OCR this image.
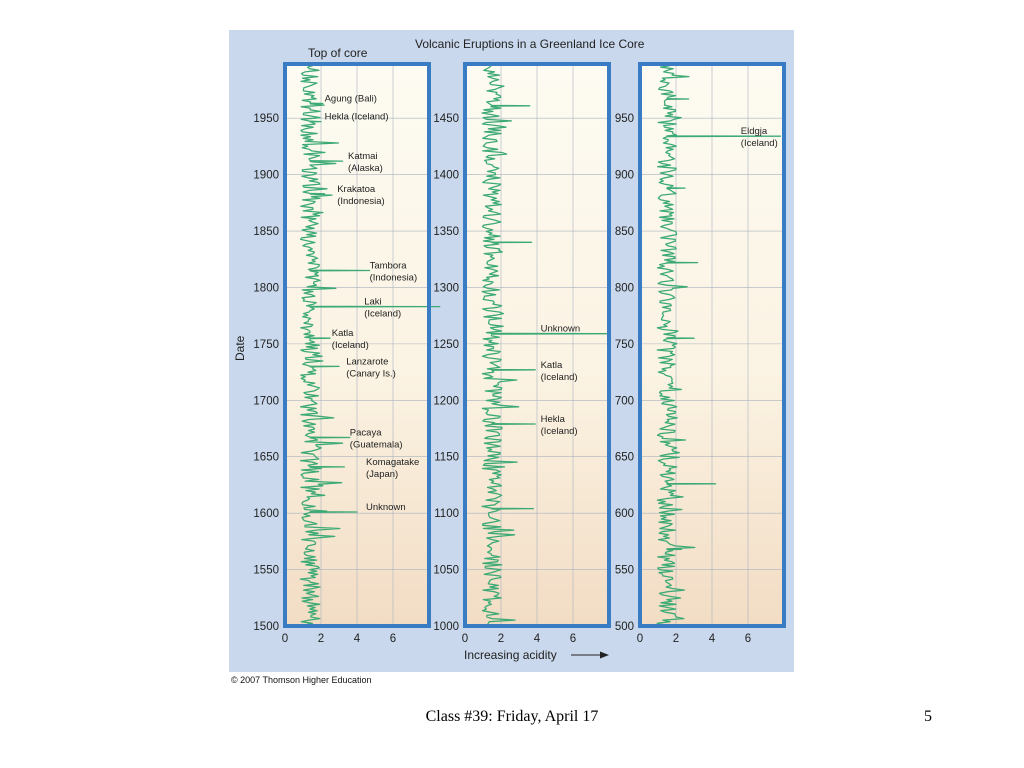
Volcanic Eruptions in a Greenland Ice Core
Top of core
Date
1500
1550
1600
1650
1700
1750
1800
1850
1900
1950
0	2	4	6
Agung (Bali)
Hekla (Iceland)
Katmai
(Alaska)
Krakatoa
(Indonesia)
Tambora
(Indonesia)
Laki
(Iceland)
Katla
(Iceland)
Lanzarote
(Canary Is.)
Pacaya
(Guatemala)
Komagatake
(Japan)
Unknown
1000
1050
1100
1150
1200
1250
1300
1350
1400
1450
0	2	4	6
Unknown
Katla
(Iceland)
Hekla
(Iceland)
500
550
600
650
700
750
800
850
900
950
0	2	4	6
Eldgja
(Iceland)
Increasing acidity
© 2007 Thomson Higher Education
Class #39: Friday, April 17	5
